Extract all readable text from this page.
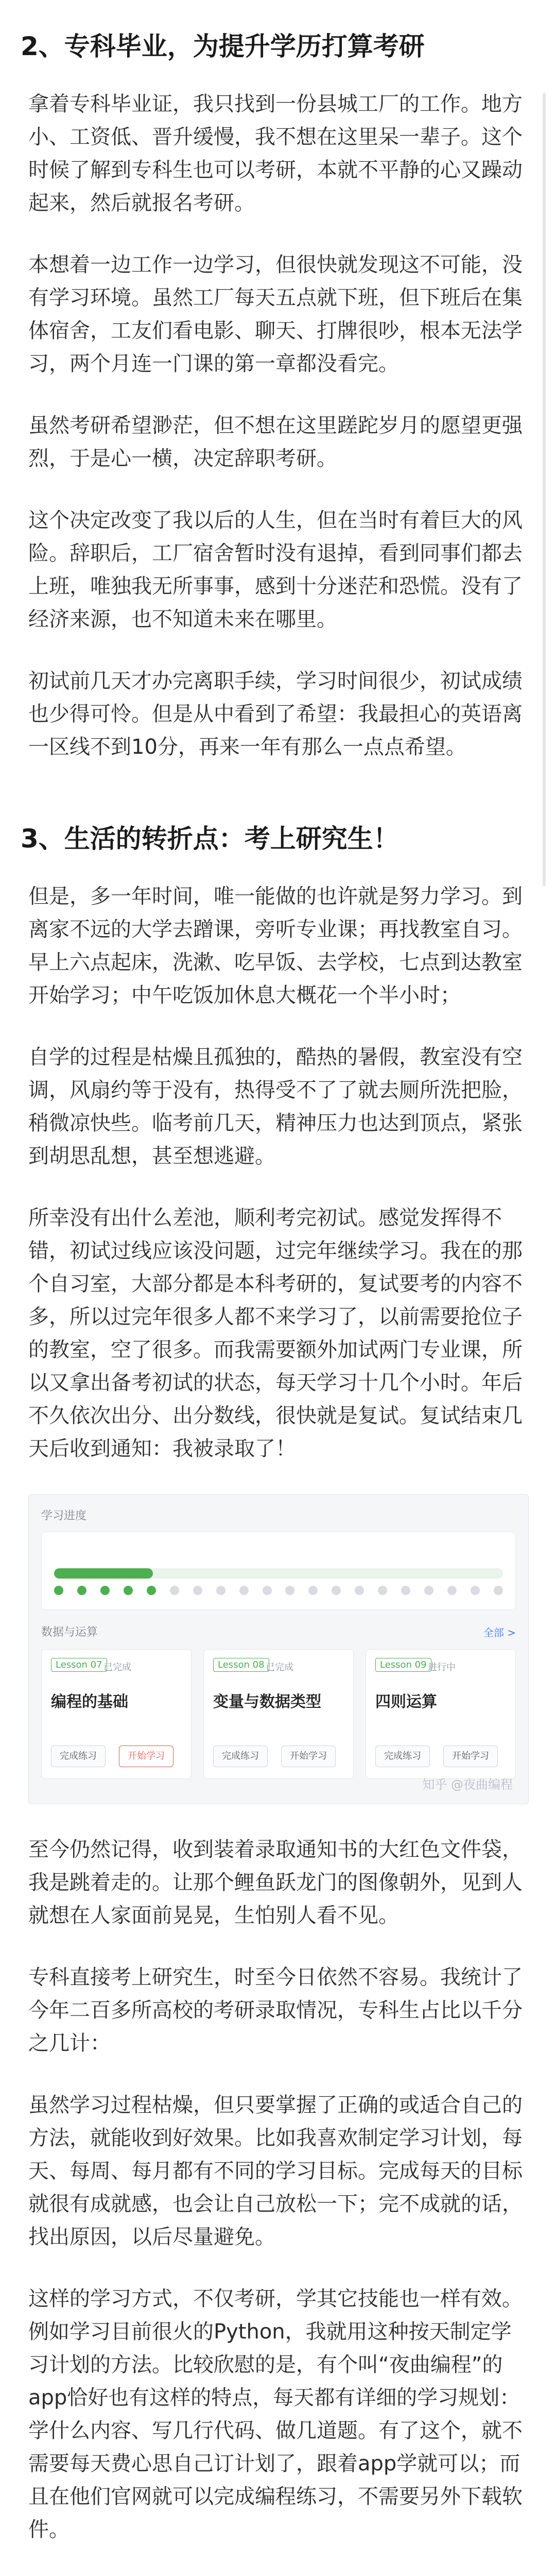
2、专科毕业，为提升学历打算考研

拿着专科毕业证，我只找到一份县城工厂的工作。地方小、工资低、晋升缓慢，我不想在这里呆一辈子。这个时候了解到专科生也可以考研，本就不平静的心又躁动起来，然后就报名考研。

本想着一边工作一边学习，但很快就发现这不可能，没有学习环境。虽然工厂每天五点就下班，但下班后在集体宿舍，工友们看电影、聊天、打牌很吵，根本无法学习，两个月连一门课的第一章都没看完。

虽然考研希望渺茫，但不想在这里蹉跎岁月的愿望更强烈，于是心一横，决定辞职考研。

这个决定改变了我以后的人生，但在当时有着巨大的风险。辞职后，工厂宿舍暂时没有退掉，看到同事们都去上班，唯独我无所事事，感到十分迷茫和恐慌。没有了经济来源，也不知道未来在哪里。

初试前几天才办完离职手续，学习时间很少，初试成绩也少得可怜。但是从中看到了希望：我最担心的英语离一区线不到10分，再来一年有那么一点点希望。

3、生活的转折点：考上研究生！

但是，多一年时间，唯一能做的也许就是努力学习。到离家不远的大学去蹭课，旁听专业课；再找教室自习。早上六点起床，洗漱、吃早饭、去学校，七点到达教室开始学习；中午吃饭加休息大概花一个半小时；

自学的过程是枯燥且孤独的，酷热的暑假，教室没有空调，风扇约等于没有，热得受不了了就去厕所洗把脸，稍微凉快些。临考前几天，精神压力也达到顶点，紧张到胡思乱想，甚至想逃避。

所幸没有出什么差池，顺利考完初试。感觉发挥得不错，初试过线应该没问题，过完年继续学习。我在的那个自习室，大部分都是本科考研的，复试要考的内容不多，所以过完年很多人都不来学习了，以前需要抢位子的教室，空了很多。而我需要额外加试两门专业课，所以又拿出备考初试的状态，每天学习十几个小时。年后不久依次出分、出分数线，很快就是复试。复试结束几天后收到通知：我被录取了！

学习进度
数据与运算	全部 >
Lesson 07 已完成
编程的基础
完成练习	开始学习
Lesson 08 已完成
变量与数据类型
完成练习	开始学习
Lesson 09 进行中
四则运算
完成练习	开始学习
知乎 @夜曲编程

至今仍然记得，收到装着录取通知书的大红色文件袋，我是跳着走的。让那个鲤鱼跃龙门的图像朝外，见到人就想在人家面前晃晃，生怕别人看不见。

专科直接考上研究生，时至今日依然不容易。我统计了今年二百多所高校的考研录取情况，专科生占比以千分之几计：

虽然学习过程枯燥，但只要掌握了正确的或适合自己的方法，就能收到好效果。比如我喜欢制定学习计划，每天、每周、每月都有不同的学习目标。完成每天的目标就很有成就感，也会让自己放松一下；完不成就的话，找出原因，以后尽量避免。

这样的学习方式，不仅考研，学其它技能也一样有效。例如学习目前很火的Python，我就用这种按天制定学习计划的方法。比较欣慰的是，有个叫“夜曲编程”的app恰好也有这样的特点，每天都有详细的学习规划：学什么内容、写几行代码、做几道题。有了这个，就不需要每天费心思自己订计划了，跟着app学就可以；而且在他们官网就可以完成编程练习，不需要另外下载软件。
